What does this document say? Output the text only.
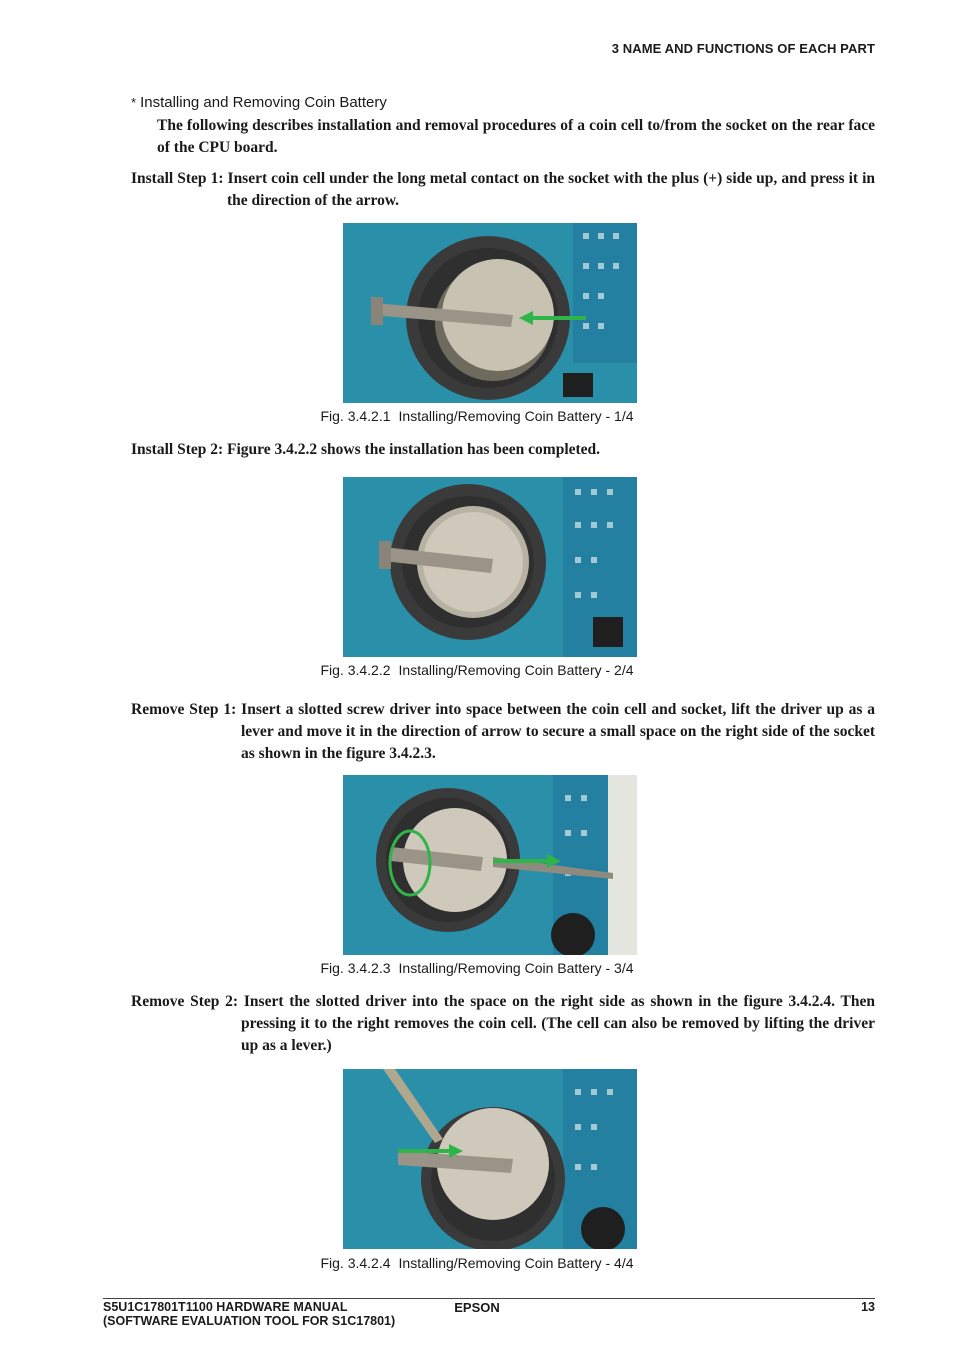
3 NAME AND FUNCTIONS OF EACH PART
* Installing and Removing Coin Battery
The following describes installation and removal procedures of a coin cell to/from the socket on the rear face of the CPU board.
Install Step 1: Insert coin cell under the long metal contact on the socket with the plus (+) side up, and press it in the direction of the arrow.
Fig. 3.4.2.1 Installing/Removing Coin Battery - 1/4
Install Step 2: Figure 3.4.2.2 shows the installation has been completed.
Fig. 3.4.2.2 Installing/Removing Coin Battery - 2/4
Remove Step 1: Insert a slotted screw driver into space between the coin cell and socket, lift the driver up as a lever and move it in the direction of arrow to secure a small space on the right side of the socket as shown in the figure 3.4.2.3.
Fig. 3.4.2.3 Installing/Removing Coin Battery - 3/4
Remove Step 2: Insert the slotted driver into the space on the right side as shown in the figure 3.4.2.4. Then pressing it to the right removes the coin cell. (The cell can also be removed by lifting the driver up as a lever.)
Fig. 3.4.2.4 Installing/Removing Coin Battery - 4/4
S5U1C17801T1100 HARDWARE MANUAL
(SOFTWARE EVALUATION TOOL FOR S1C17801)
EPSON	13
